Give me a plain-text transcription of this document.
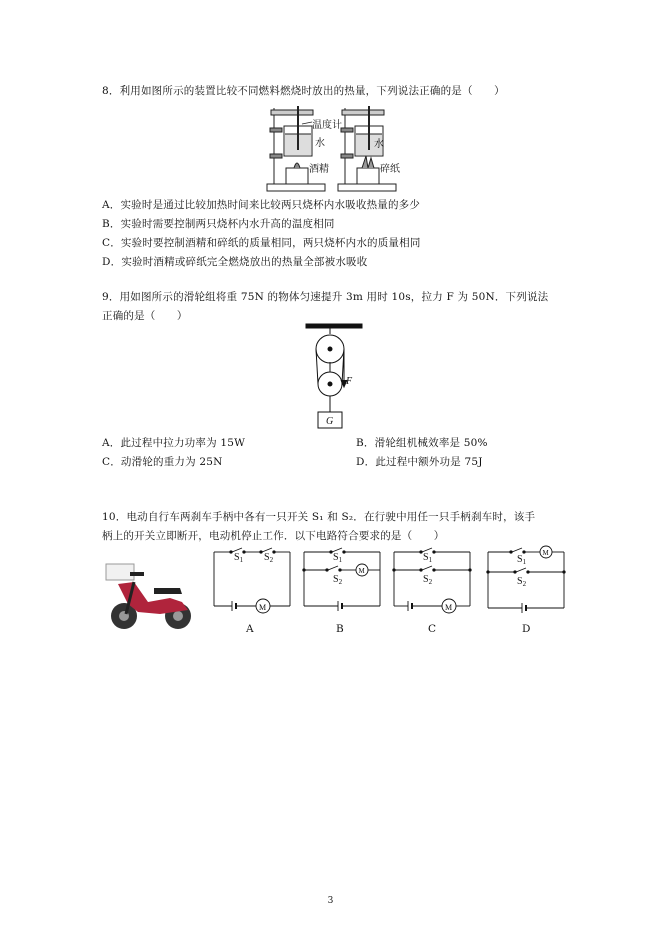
8．利用如图所示的装置比较不同燃料燃烧时放出的热量，下列说法正确的是（　　）
温度计
水	水
酒精	碎纸
A．实验时是通过比较加热时间来比较两只烧杯内水吸收热量的多少
B．实验时需要控制两只烧杯内水升高的温度相同
C．实验时要控制酒精和碎纸的质量相同，两只烧杯内水的质量相同
D．实验时酒精或碎纸完全燃烧放出的热量全部被水吸收
9．用如图所示的滑轮组将重 75N 的物体匀速提升 3m 用时 10s，拉力 F 为 50N．下列说法
正确的是（　　）
F
G
A．此过程中拉力功率为 15W	B．滑轮组机械效率是 50%
C．动滑轮的重力为 25N	D．此过程中额外功是 75J
10．电动自行车两刹车手柄中各有一只开关 S₁ 和 S₂．在行驶中用任一只手柄刹车时，该手
柄上的开关立即断开，电动机停止工作．以下电路符合要求的是（　　）
$S_1$ $S_2$
M
A
$S_1$
$S_2$
M
B
$S_1$
$S_2$
M
C
$S_1$
$S_2$
M
D
3
